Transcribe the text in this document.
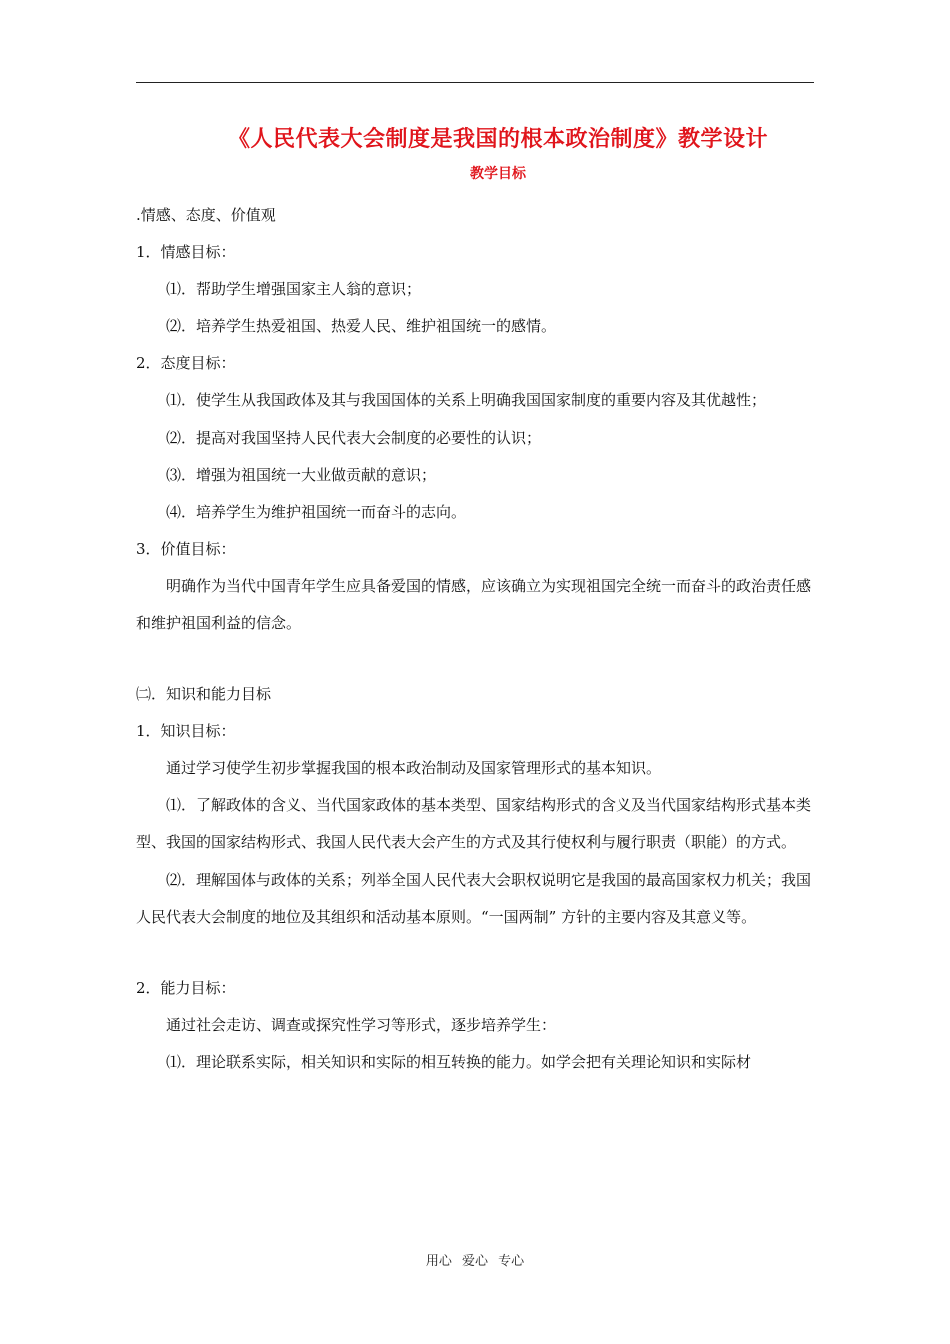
《人民代表大会制度是我国的根本政治制度》教学设计
教学目标
.情感、态度、价值观
1．情感目标：
⑴．帮助学生增强国家主人翁的意识；
⑵．培养学生热爱祖国、热爱人民、维护祖国统一的感情。
2．态度目标：
⑴．使学生从我国政体及其与我国国体的关系上明确我国国家制度的重要内容及其优越性；
⑵．提高对我国坚持人民代表大会制度的必要性的认识；
⑶．增强为祖国统一大业做贡献的意识；
⑷．培养学生为维护祖国统一而奋斗的志向。
3．价值目标：
明确作为当代中国青年学生应具备爱国的情感，应该确立为实现祖国完全统一而奋斗的政治责任感和维护祖国利益的信念。
㈡．知识和能力目标
1．知识目标：
通过学习使学生初步掌握我国的根本政治制动及国家管理形式的基本知识。
⑴．了解政体的含义、当代国家政体的基本类型、国家结构形式的含义及当代国家结构形式基本类型、我国的国家结构形式、我国人民代表大会产生的方式及其行使权利与履行职责（职能）的方式。
⑵．理解国体与政体的关系；列举全国人民代表大会职权说明它是我国的最高国家权力机关；我国人民代表大会制度的地位及其组织和活动基本原则。“一国两制” 方针的主要内容及其意义等。
2．能力目标：
通过社会走访、调查或探究性学习等形式，逐步培养学生：
⑴．理论联系实际，相关知识和实际的相互转换的能力。如学会把有关理论知识和实际材
用心 爱心 专心
